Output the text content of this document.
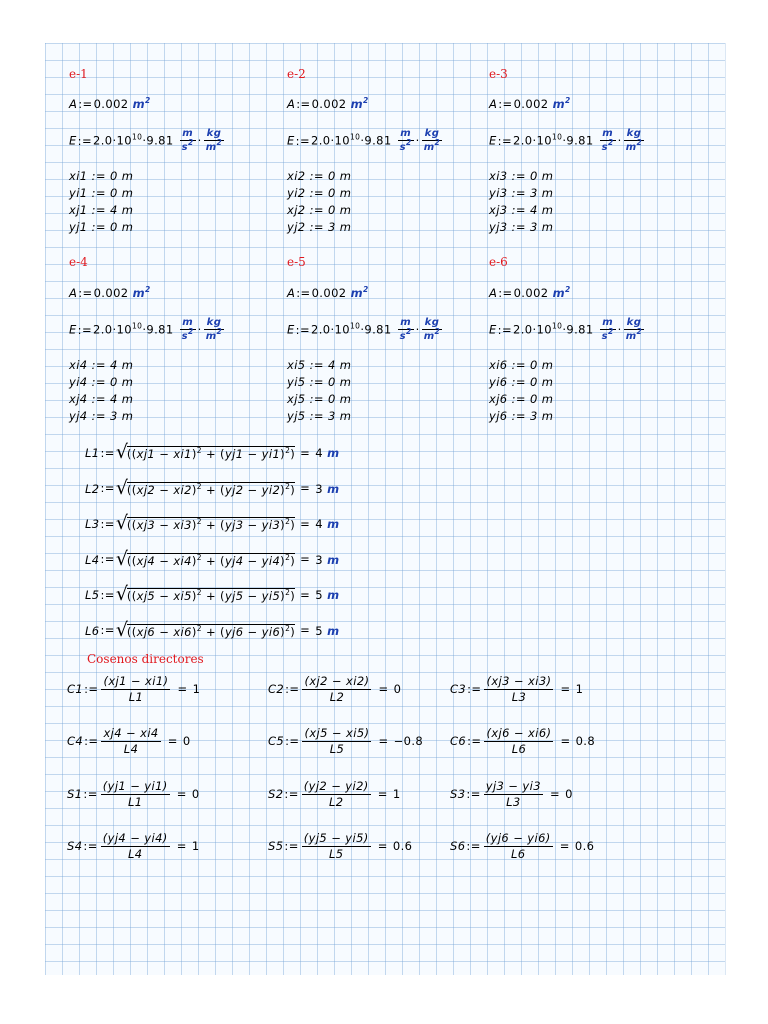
e-1
A:=0.002 $m^2$
$E:=2.0\cdot 10^{10}\cdot 9.81 \frac{m}{s^2} \cdot \frac{kg}{m^2}$
xi1 := 0 m
yi1 := 0 m
xj1 := 4 m
yj1 := 0 m
e-2
A:=0.002 $m^2$
$E:=2.0\cdot 10^{10}\cdot 9.81 \frac{m}{s^2} \cdot \frac{kg}{m^2}$
xi2 := 0 m
yi2 := 0 m
xj2 := 0 m
yj2 := 3 m
e-3
A:=0.002 $m^2$
$E:=2.0\cdot 10^{10}\cdot 9.81 \frac{m}{s^2} \cdot \frac{kg}{m^2}$
xi3 := 0 m
yi3 := 3 m
xj3 := 4 m
yj3 := 3 m
e-4
A:=0.002 $m^2$
$E:=2.0\cdot 10^{10}\cdot 9.81 \frac{m}{s^2} \cdot \frac{kg}{m^2}$
xi4 := 4 m
yi4 := 0 m
xj4 := 4 m
yj4 := 3 m
e-5
A:=0.002 $m^2$
$E:=2.0\cdot 10^{10}\cdot 9.81 \frac{m}{s^2} \cdot \frac{kg}{m^2}$
xi5 := 4 m
yi5 := 0 m
xj5 := 0 m
yj5 := 3 m
e-6
A:=0.002 $m^2$
$E:=2.0\cdot 10^{10}\cdot 9.81 \frac{m}{s^2} \cdot \frac{kg}{m^2}$
xi6 := 0 m
yi6 := 0 m
xj6 := 0 m
yj6 := 3 m
L1:= √
$((xj1 - xi1)^2 + (yj1 - yi1)^2) = 4$ m
L2:= √
$((xj2 - xi2)^2 + (yj2 - yi2)^2) = 3$ m
L3:= √
$((xj3 - xi3)^2 + (yj3 - yi3)^2) = 4$ m
L4:= √
$((xj4 - xi4)^2 + (yj4 - yi4)^2) = 3$ m
L5:= √
$((xj5 - xi5)^2 + (yj5 - yi5)^2) = 5$ m
L6:= √
$((xj6 - xi6)^2 + (yj6 - yi6)^2) = 5$ m
Cosenos directores
C1:= $\frac{(xj1 - xi1)}{L1} = 1$	C2:= $\frac{(xj2 - xi2)}{L2} = 0$	C3:= $\frac{(xj3 - xi3)}{L3} = 1$
C4:= $\frac{xj4 - xi4}{L4} = 0$	C5:= $\frac{(xj5 - xi5)}{L5} = -0.8$ C6:= $\frac{(xj6 - xi6)}{L6} = 0.8$
S1:= $\frac{(yj1 - yi1)}{L1} = 0$	S2:= $\frac{(yj2 - yi2)}{L2} = 1$	S3:= $\frac{yj3 - yi3}{L3} = 0$
S4:= $\frac{(yj4 - yi4)}{L4} = 1$	S5:= $\frac{(yj5 - yi5)}{L5} = 0.6$	S6:= $\frac{(yj6 - yi6)}{L6} = 0.6$
